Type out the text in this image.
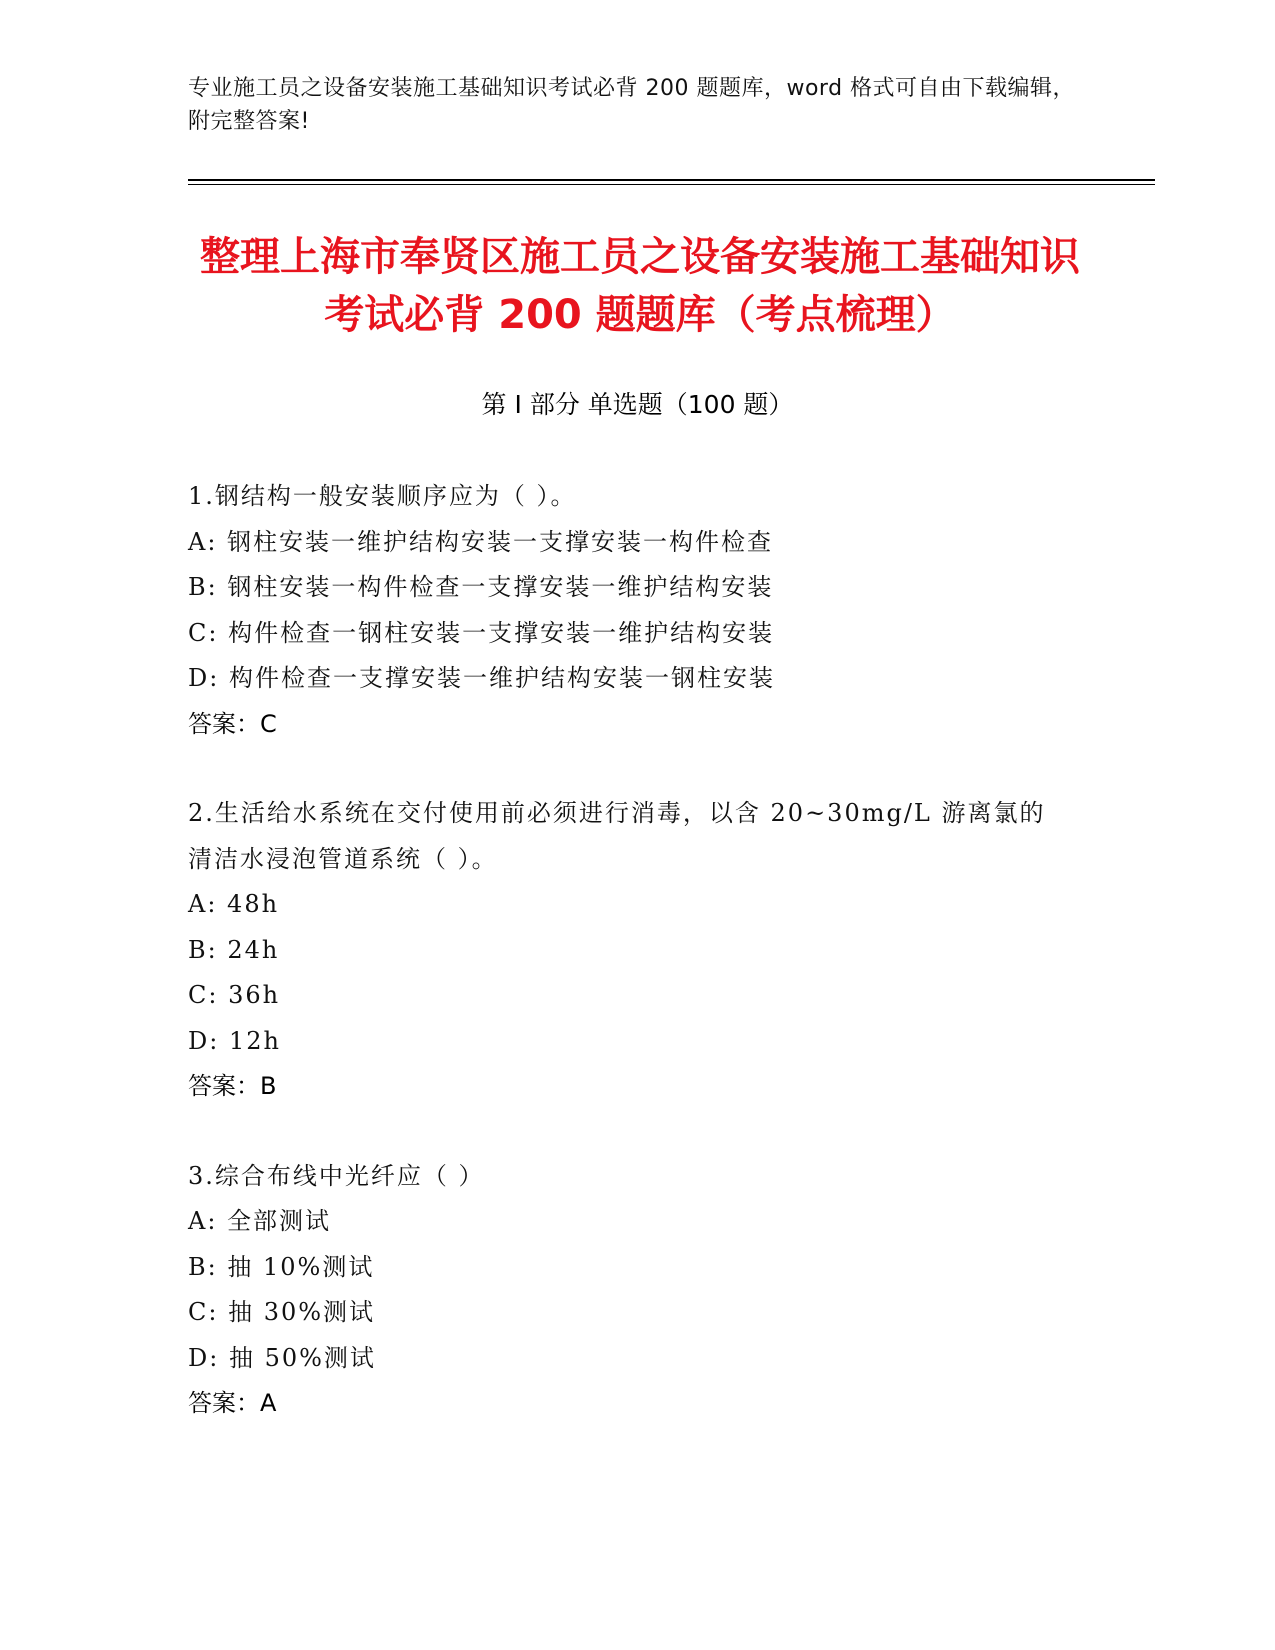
专业施工员之设备安装施工基础知识考试必背 200 题题库，word 格式可自由下载编辑，附完整答案!
整理上海市奉贤区施工员之设备安装施工基础知识考试必背 200 题题库（考点梳理）
第 I 部分 单选题（100 题）
1.钢结构一般安装顺序应为（ ）。
A: 钢柱安装一维护结构安装一支撑安装一构件检查
B: 钢柱安装一构件检查一支撑安装一维护结构安装
C: 构件检查一钢柱安装一支撑安装一维护结构安装
D: 构件检查一支撑安装一维护结构安装一钢柱安装
答案：C
2.生活给水系统在交付使用前必须进行消毒，以含 20~30mg/L 游离氯的清洁水浸泡管道系统（ ）。
A: 48h
B: 24h
C: 36h
D: 12h
答案：B
3.综合布线中光纤应（ ）
A: 全部测试
B: 抽 10%测试
C: 抽 30%测试
D: 抽 50%测试
答案：A
